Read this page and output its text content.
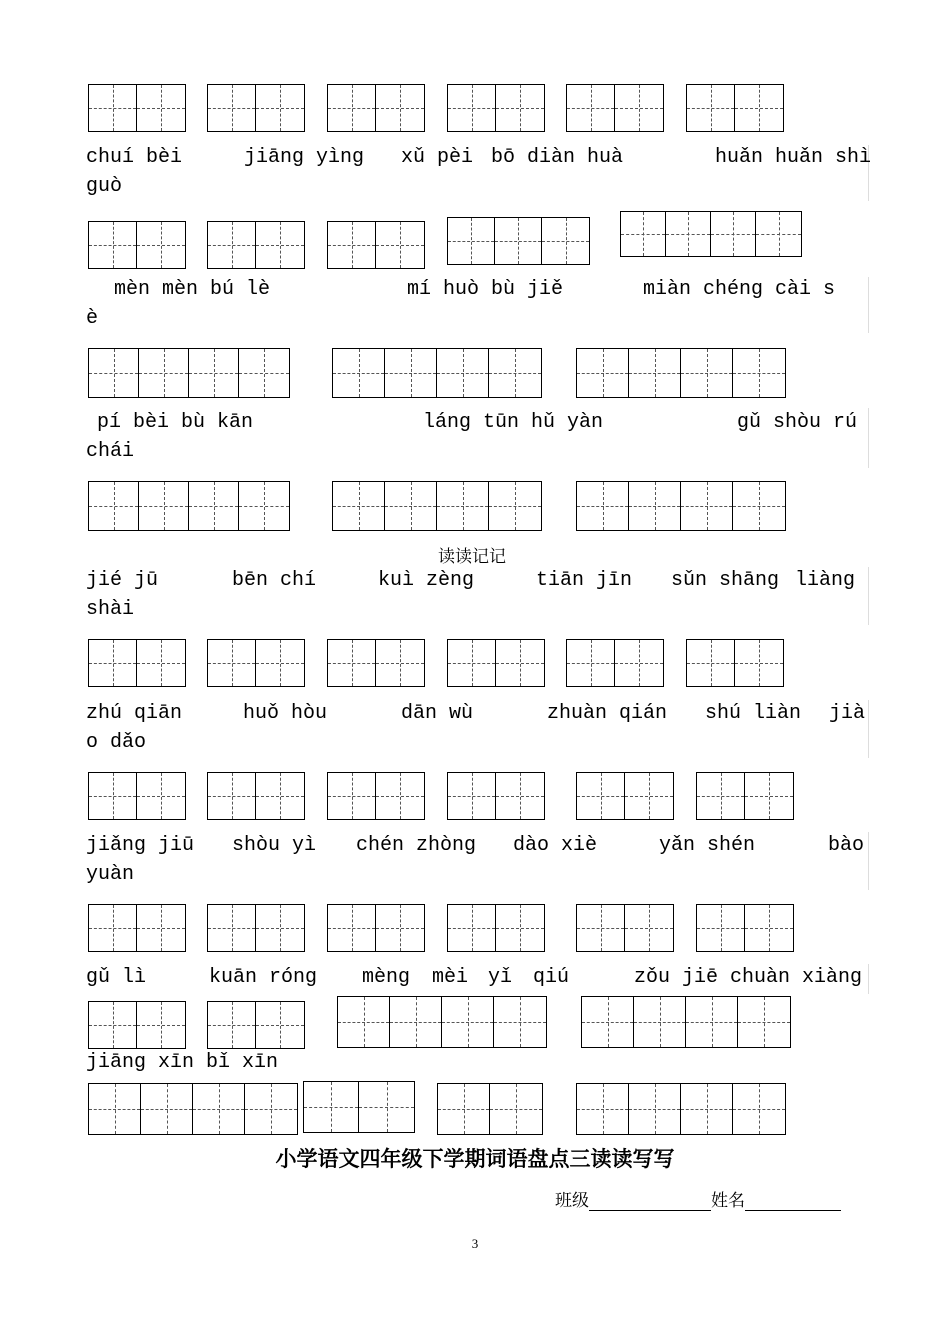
chuí bèi	jiāng yìng xǔ pèi bō diàn huà	huǎn huǎn shì
guò
mèn mèn bú lè	mí huò bù jiě	miàn chéng cài s
è
pí bèi bù kān	láng tūn hǔ yàn	gǔ shòu rú
chái
读读记记
jié jū	bēn chí	kuì zèng	tiān jīn sǔn shāng liàng
shài
zhú qiān	huǒ hòu	dān wù	zhuàn qián shú liàn jià
o dǎo
jiǎng jiū shòu yì chén zhòng dào xiè	yǎn shén	bào
yuàn
gǔ lì	kuān róng mèng mèi yǐ qiú	zǒu jiē chuàn xiàng
jiāng xīn bǐ xīn
小学语文四年级下学期词语盘点三读读写写
班级	姓名
3
